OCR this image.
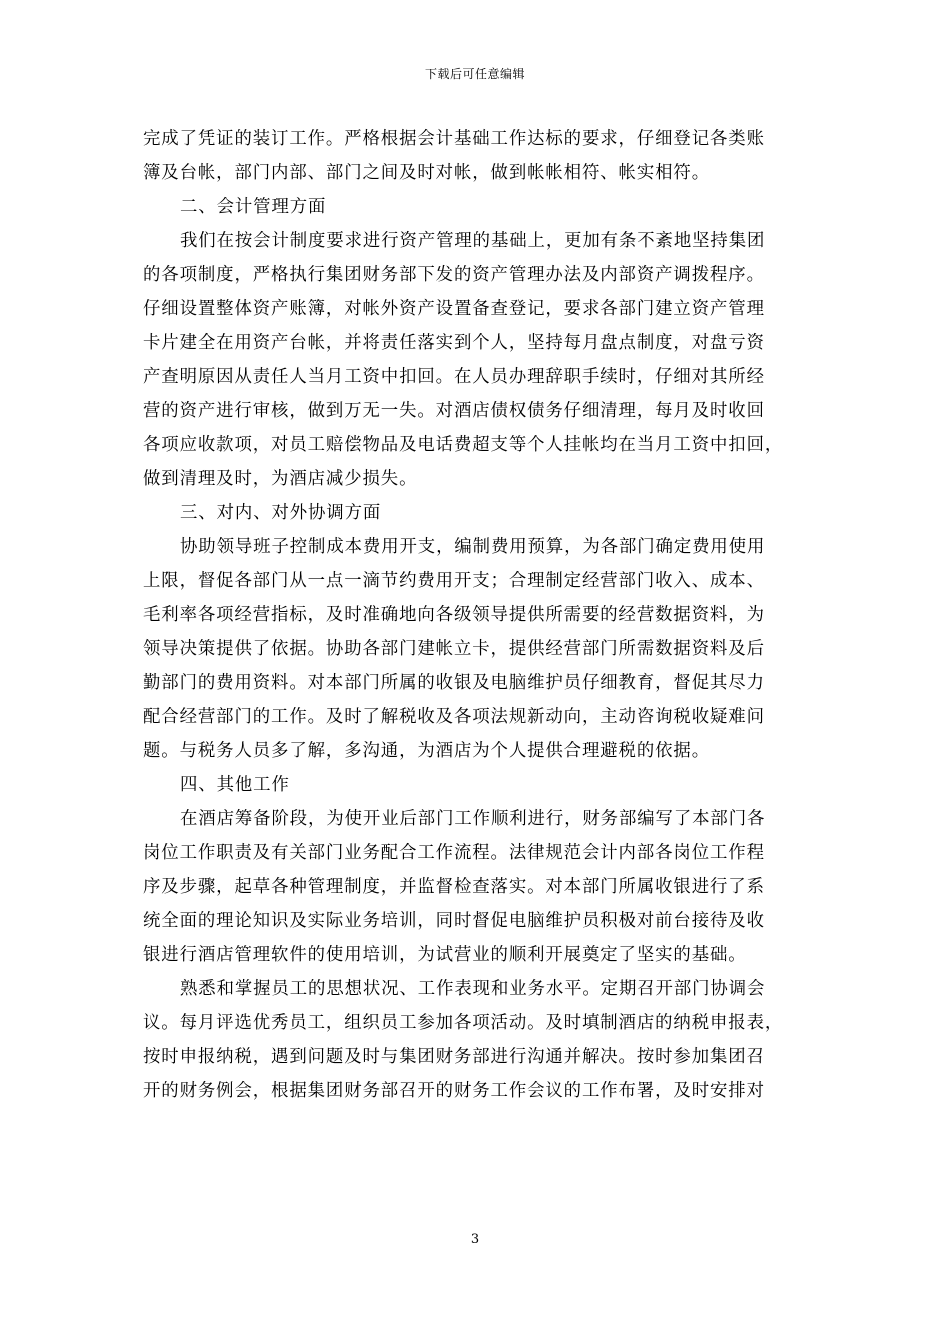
下载后可任意编辑
完成了凭证的装订工作。严格根据会计基础工作达标的要求，仔细登记各类账
簿及台帐，部门内部、部门之间及时对帐，做到帐帐相符、帐实相符。
二、会计管理方面
我们在按会计制度要求进行资产管理的基础上，更加有条不紊地坚持集团
的各项制度，严格执行集团财务部下发的资产管理办法及内部资产调拨程序。
仔细设置整体资产账簿，对帐外资产设置备查登记，要求各部门建立资产管理
卡片建全在用资产台帐，并将责任落实到个人，坚持每月盘点制度，对盘亏资
产查明原因从责任人当月工资中扣回。在人员办理辞职手续时，仔细对其所经
营的资产进行审核，做到万无一失。对酒店债权债务仔细清理，每月及时收回
各项应收款项，对员工赔偿物品及电话费超支等个人挂帐均在当月工资中扣回，
做到清理及时，为酒店减少损失。
三、对内、对外协调方面
协助领导班子控制成本费用开支，编制费用预算，为各部门确定费用使用
上限，督促各部门从一点一滴节约费用开支；合理制定经营部门收入、成本、
毛利率各项经营指标，及时准确地向各级领导提供所需要的经营数据资料，为
领导决策提供了依据。协助各部门建帐立卡，提供经营部门所需数据资料及后
勤部门的费用资料。对本部门所属的收银及电脑维护员仔细教育，督促其尽力
配合经营部门的工作。及时了解税收及各项法规新动向，主动咨询税收疑难问
题。与税务人员多了解，多沟通，为酒店为个人提供合理避税的依据。
四、其他工作
在酒店筹备阶段，为使开业后部门工作顺利进行，财务部编写了本部门各
岗位工作职责及有关部门业务配合工作流程。法律规范会计内部各岗位工作程
序及步骤，起草各种管理制度，并监督检查落实。对本部门所属收银进行了系
统全面的理论知识及实际业务培训，同时督促电脑维护员积极对前台接待及收
银进行酒店管理软件的使用培训，为试营业的顺利开展奠定了坚实的基础。
熟悉和掌握员工的思想状况、工作表现和业务水平。定期召开部门协调会
议。每月评选优秀员工，组织员工参加各项活动。及时填制酒店的纳税申报表，
按时申报纳税，遇到问题及时与集团财务部进行沟通并解决。按时参加集团召
开的财务例会，根据集团财务部召开的财务工作会议的工作布署，及时安排对
3
